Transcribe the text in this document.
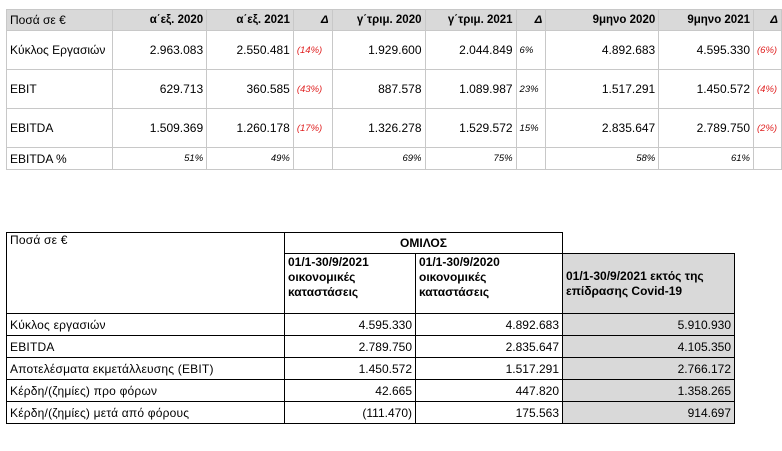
Ποσά σε €	α΄εξ. 2020	α΄εξ. 2021	Δ	γ΄τριμ. 2020	γ΄τριμ. 2021	Δ	9μηνο 2020	9μηνο 2021	Δ
Κύκλος Εργασιών	2.963.083	2.550.481	(14%)	1.929.600	2.044.849	6%	4.892.683	4.595.330	(6%)
EBIT	629.713	360.585	(43%)	887.578	1.089.987	23%	1.517.291	1.450.572	(4%)
EBITDA	1.509.369	1.260.178	(17%)	1.326.278	1.529.572	15%	2.835.647	2.789.750	(2%)
EBITDA %	51%	49%		69%	75%		58%	61%	
Ποσά σε €	ΟΜΙΛΟΣ		
	01/1-30/9/2021 οικονομικές καταστάσεις	01/1-30/9/2020 οικονομικές καταστάσεις	01/1-30/9/2021 εκτός της επίδρασης Covid-19
Κύκλος εργασιών	4.595.330	4.892.683	5.910.930
EBITDA	2.789.750	2.835.647	4.105.350
Αποτελέσματα εκμετάλλευσης (EBIT)	1.450.572	1.517.291	2.766.172
Κέρδη/(ζημίες) προ φόρων	42.665	447.820	1.358.265
Κέρδη/(ζημίες) μετά από φόρους	(111.470)	175.563	914.697
